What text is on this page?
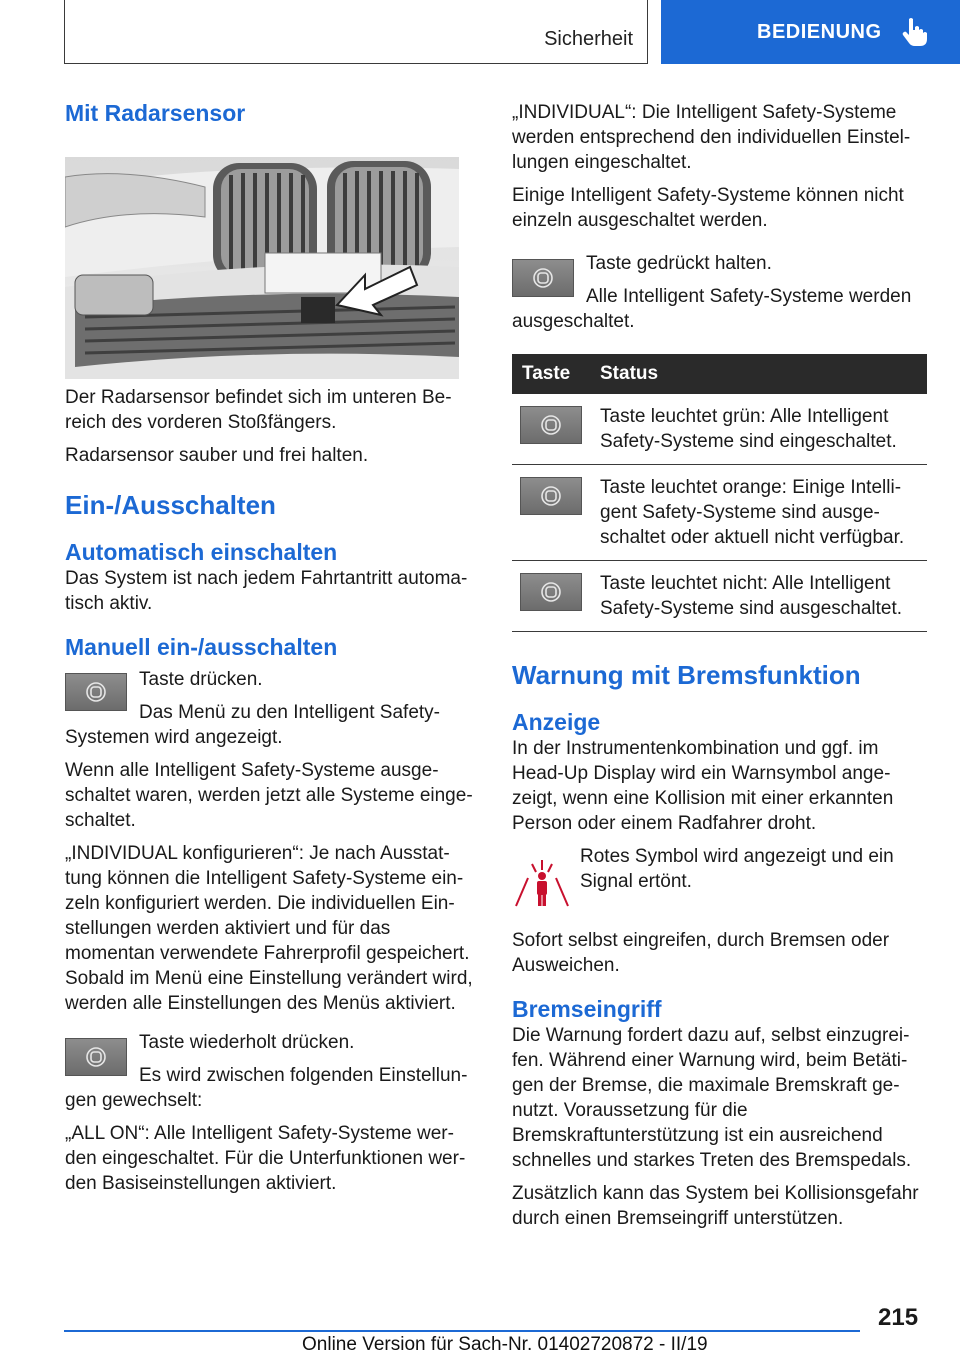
Sicherheit	BEDIENUNG
Mit Radarsensor

Der Radarsensor befindet sich im unteren Bereich des vorderen Stoßfängers.

Radarsensor sauber und frei halten.

Ein-/Ausschalten
Automatisch einschalten

Das System ist nach jedem Fahrtantritt automatisch aktiv.

Manuell ein-/ausschalten

Taste drücken.

Das Menü zu den Intelligent Safety-Systemen wird angezeigt.

Wenn alle Intelligent Safety-Systeme ausgeschaltet waren, werden jetzt alle Systeme eingeschaltet.

„INDIVIDUAL konfigurieren“: Je nach Ausstattung können die Intelligent Safety-Systeme einzeln konfiguriert werden. Die individuellen Einstellungen werden aktiviert und für das momentan verwendete Fahrerprofil gespeichert. Sobald im Menü eine Einstellung verändert wird, werden alle Einstellungen des Menüs aktiviert.

Taste wiederholt drücken.

Es wird zwischen folgenden Einstellungen gewechselt:

„ALL ON“: Alle Intelligent Safety-Systeme werden eingeschaltet. Für die Unterfunktionen werden Basiseinstellungen aktiviert.

„INDIVIDUAL“: Die Intelligent Safety-Systeme werden entsprechend den individuellen Einstellungen eingeschaltet.

Einige Intelligent Safety-Systeme können nicht einzeln ausgeschaltet werden.

Taste gedrückt halten.

Alle Intelligent Safety-Systeme werden ausgeschaltet.

Taste	Status

	Taste leuchtet grün: Alle Intelligent Safety-Systeme sind eingeschaltet.

	Taste leuchtet orange: Einige Intelligent Safety-Systeme sind ausgeschaltet oder aktuell nicht verfügbar.

	Taste leuchtet nicht: Alle Intelligent Safety-Systeme sind ausgeschaltet.
Warnung mit Bremsfunktion
Anzeige

In der Instrumentenkombination und ggf. im Head-Up Display wird ein Warnsymbol angezeigt, wenn eine Kollision mit einer erkannten Person oder einem Radfahrer droht.

Rotes Symbol wird angezeigt und ein Signal ertönt.

Sofort selbst eingreifen, durch Bremsen oder Ausweichen.

Bremseingriff

Die Warnung fordert dazu auf, selbst einzugreifen. Während einer Warnung wird, beim Betätigen der Bremse, die maximale Bremskraft genutzt. Voraussetzung für die Bremskraftunterstützung ist ein ausreichend schnelles und starkes Treten des Bremspedals.

Zusätzlich kann das System bei Kollisionsgefahr durch einen Bremseingriff unterstützen.

215
Online Version für Sach-Nr. 01402720872 - II/19
